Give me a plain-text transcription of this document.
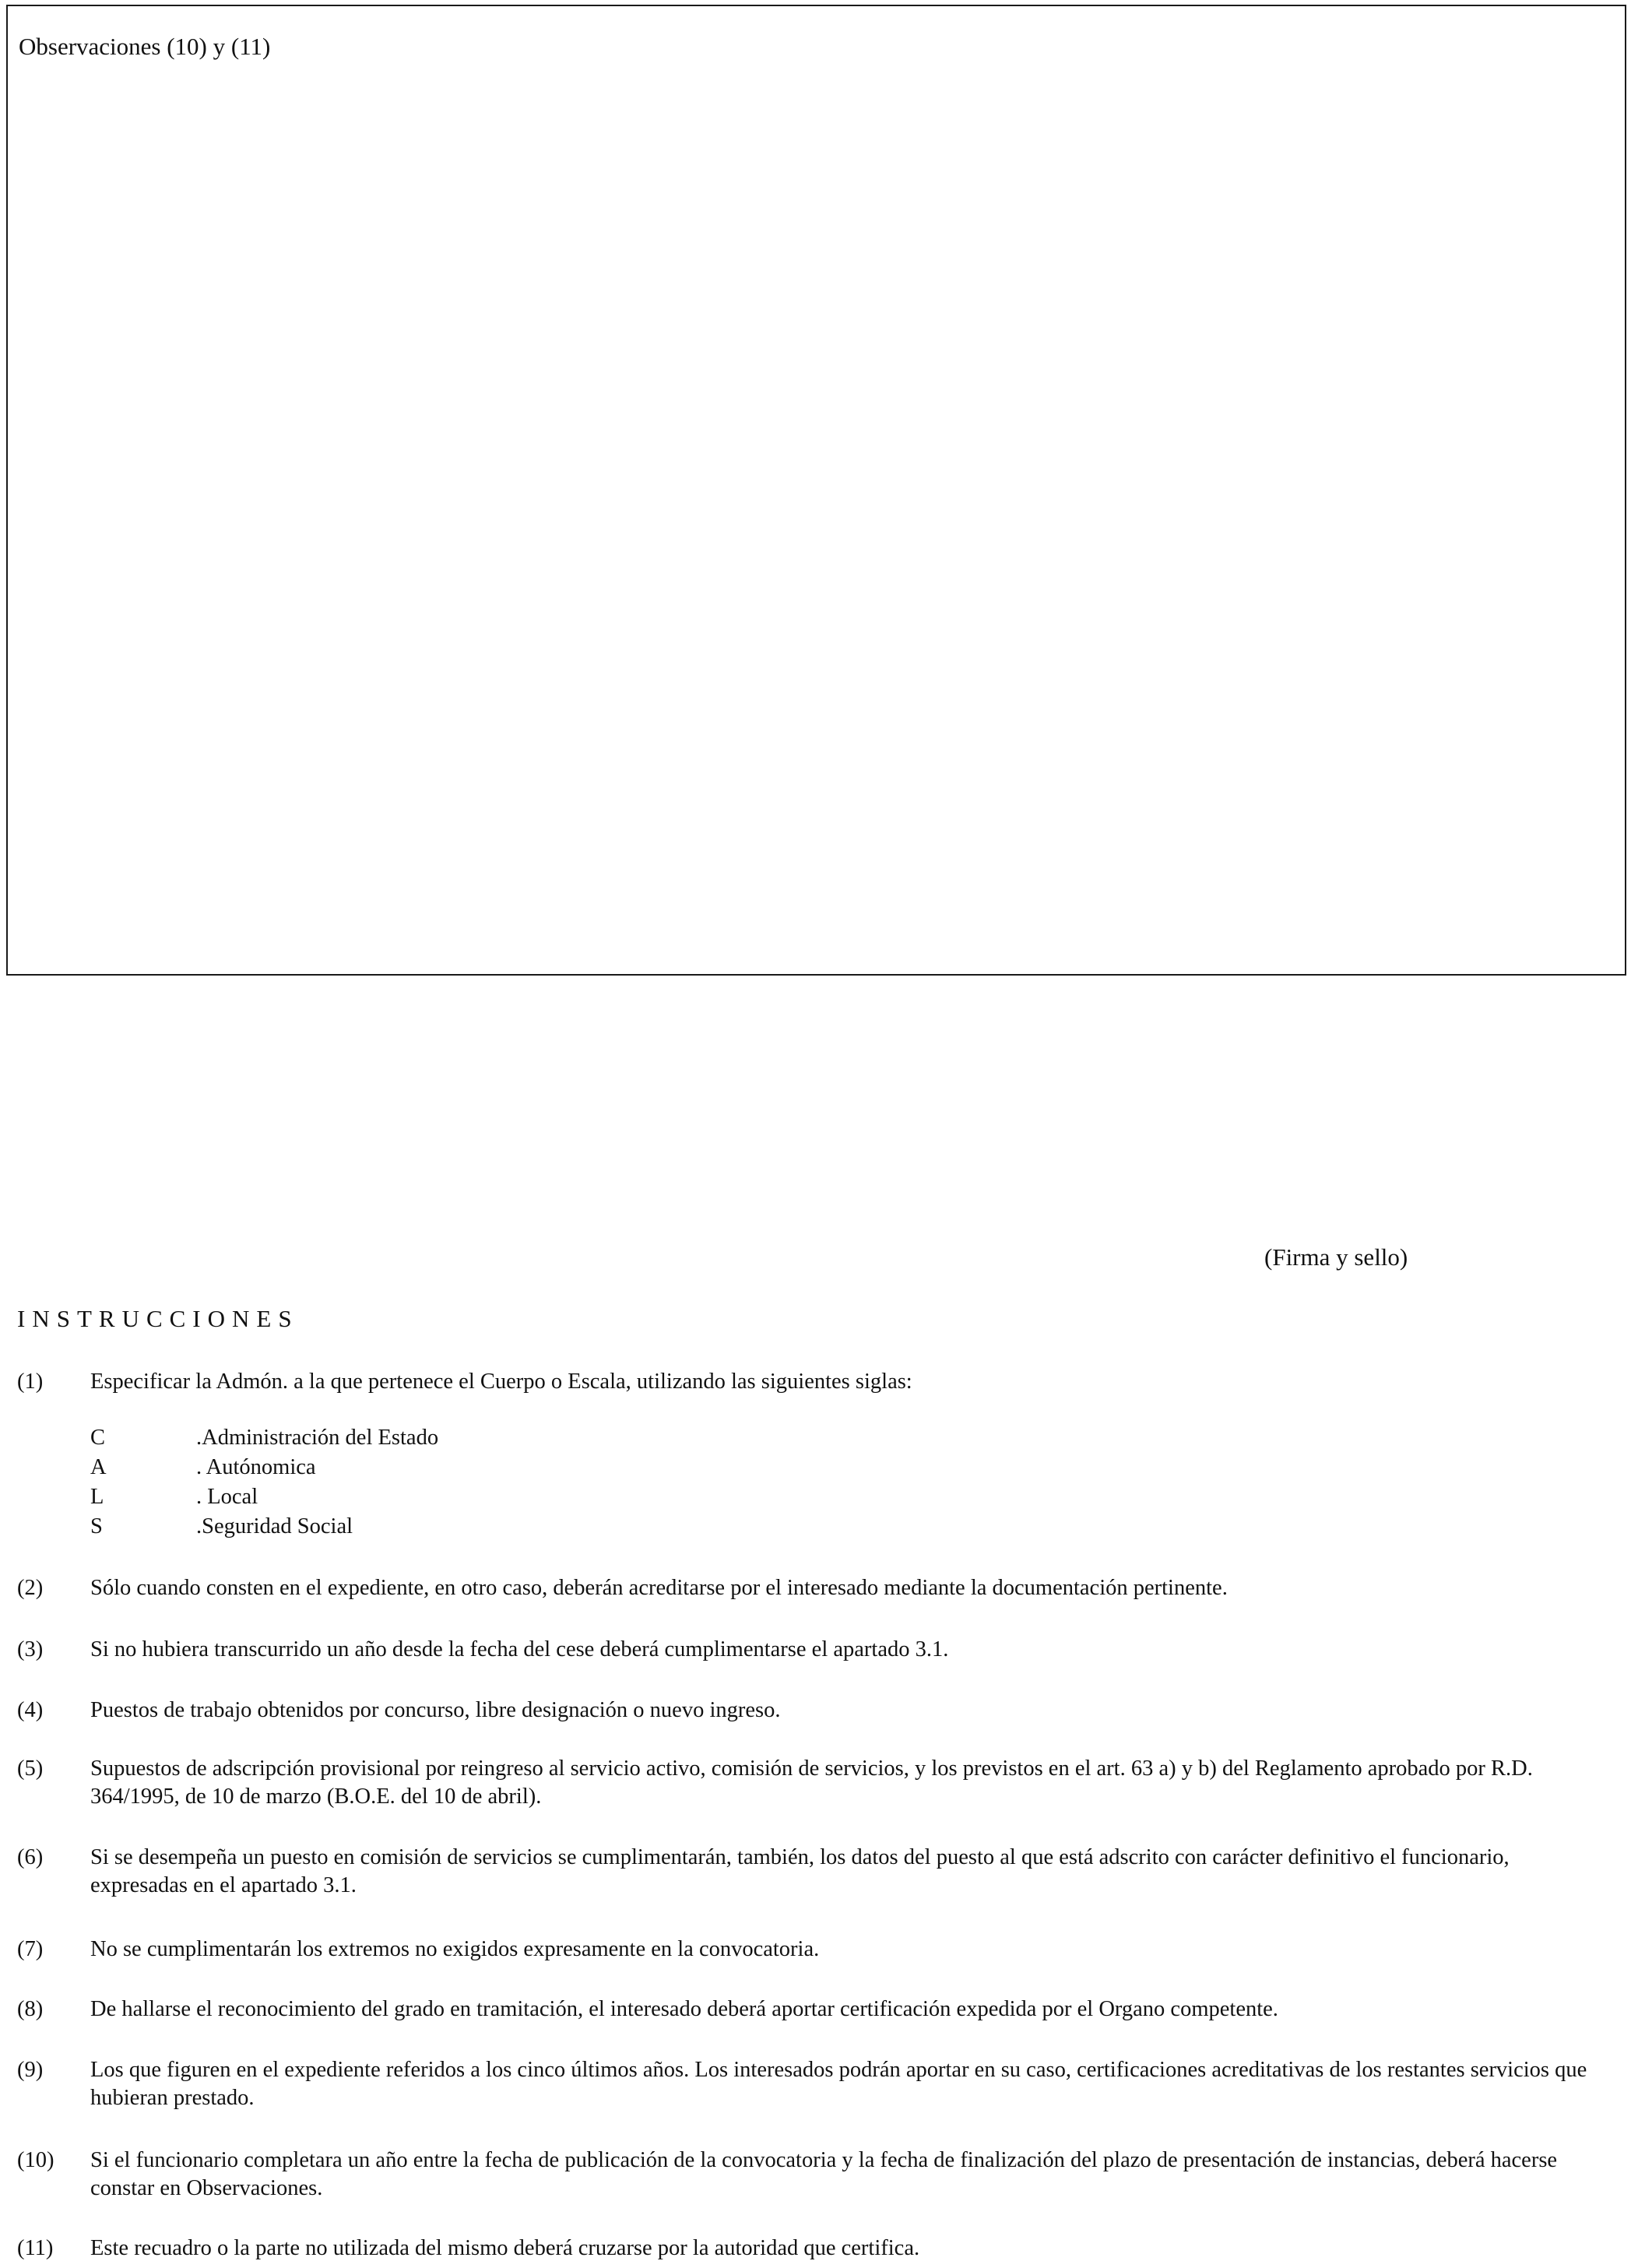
Observaciones (10) y (11)
(Firma y sello)
INSTRUCCIONES
(1)	Especificar la Admón. a la que pertenece el Cuerpo o Escala, utilizando las siguientes siglas:
C	.Administración del Estado
A	. Autónomica
L	. Local
S	.Seguridad Social
(2)	Sólo cuando consten en el expediente, en otro caso, deberán acreditarse por el interesado mediante la documentación pertinente.
(3)	Si no hubiera transcurrido un año desde la fecha del cese deberá cumplimentarse el apartado 3.1.
(4)	Puestos de trabajo obtenidos por concurso, libre designación o nuevo ingreso.
(5)	Supuestos de adscripción provisional por reingreso al servicio activo, comisión de servicios, y los previstos en el art. 63 a) y b) del Reglamento aprobado por R.D. 364/1995, de 10 de marzo (B.O.E. del 10 de abril).
(6)	Si se desempeña un puesto en comisión de servicios se cumplimentarán, también, los datos del puesto al que está adscrito con carácter definitivo el funcionario, expresadas en el apartado 3.1.
(7)	No se cumplimentarán los extremos no exigidos expresamente en la convocatoria.
(8)	De hallarse el reconocimiento del grado en tramitación, el interesado deberá aportar certificación expedida por el Organo competente.
(9)	Los que figuren en el expediente referidos a los cinco últimos años. Los interesados podrán aportar en su caso, certificaciones acreditativas de los restantes servicios que hubieran prestado.
(10)	Si el funcionario completara un año entre la fecha de publicación de la convocatoria y la fecha de finalización del plazo de presentación de instancias, deberá hacerse constar en Observaciones.
(11)	Este recuadro o la parte no utilizada del mismo deberá cruzarse por la autoridad que certifica.
